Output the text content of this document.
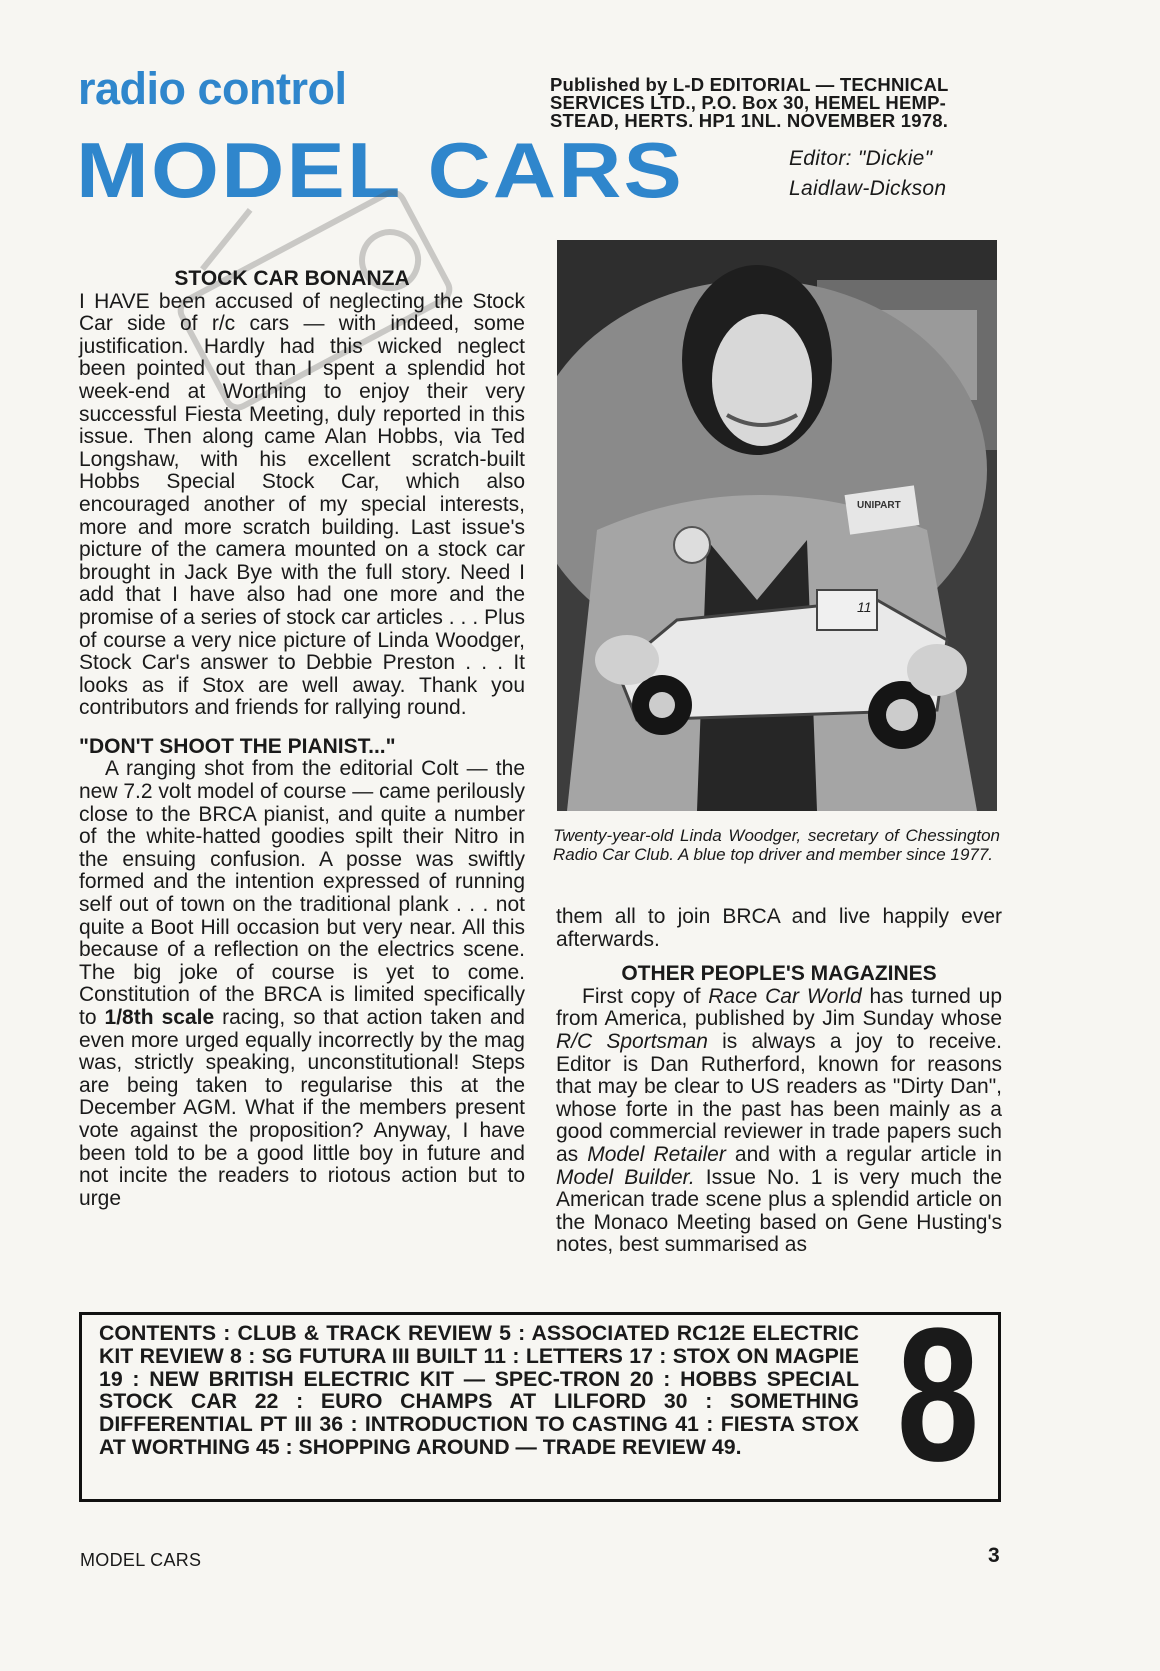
radio control
MODEL CARS
Published by L-D EDITORIAL — TECHNICAL SERVICES LTD., P.O. Box 30, HEMEL HEMP-STEAD, HERTS. HP1 1NL. NOVEMBER 1978.
Editor: "Dickie"
Laidlaw-Dickson
STOCK CAR BONANZA

I HAVE been accused of neglecting the Stock Car side of r/c cars — with indeed, some justification. Hardly had this wicked neglect been pointed out than I spent a splendid hot week-end at Worthing to enjoy their very successful Fiesta Meeting, duly reported in this issue. Then along came Alan Hobbs, via Ted Longshaw, with his excellent scratch-built Hobbs Special Stock Car, which also encouraged another of my special interests, more and more scratch building. Last issue's picture of the camera mounted on a stock car brought in Jack Bye with the full story. Need I add that I have also had one more and the promise of a series of stock car articles . . . Plus of course a very nice picture of Linda Woodger, Stock Car's answer to Debbie Preston . . . It looks as if Stox are well away. Thank you contributors and friends for rallying round.

"DON'T SHOOT THE PIANIST..."

A ranging shot from the editorial Colt — the new 7.2 volt model of course — came perilously close to the BRCA pianist, and quite a number of the white-hatted goodies spilt their Nitro in the ensuing confusion. A posse was swiftly formed and the intention expressed of running self out of town on the traditional plank . . . not quite a Boot Hill occasion but very near. All this because of a reflection on the electrics scene. The big joke of course is yet to come. Constitution of the BRCA is limited specifically to 1/8th scale racing, so that action taken and even more urged equally incorrectly by the mag was, strictly speaking, unconstitutional! Steps are being taken to regularise this at the December AGM. What if the members present vote against the proposition? Anyway, I have been told to be a good little boy in future and not incite the readers to riotous action but to urge

UNIPART
11
Twenty-year-old Linda Woodger, secretary of Chessington Radio Car Club. A blue top driver and member since 1977.

them all to join BRCA and live happily ever afterwards.

OTHER PEOPLE'S MAGAZINES

First copy of Race Car World has turned up from America, published by Jim Sunday whose R/C Sportsman is always a joy to receive. Editor is Dan Rutherford, known for reasons that may be clear to US readers as "Dirty Dan", whose forte in the past has been mainly as a good commercial reviewer in trade papers such as Model Retailer and with a regular article in Model Builder. Issue No. 1 is very much the American trade scene plus a splendid article on the Monaco Meeting based on Gene Husting's notes, best summarised as

CONTENTS : CLUB & TRACK REVIEW 5 : ASSOCIATED RC12E ELECTRIC KIT REVIEW 8 : SG FUTURA III BUILT 11 : LETTERS 17 : STOX ON MAGPIE 19 : NEW BRITISH ELECTRIC KIT — SPEC-TRON 20 : HOBBS SPECIAL STOCK CAR 22 : EURO CHAMPS AT LILFORD 30 : SOMETHING DIFFERENTIAL PT III 36 : INTRODUCTION TO CASTING 41 : FIESTA STOX AT WORTHING 45 : SHOPPING AROUND — TRADE REVIEW 49. 8
MODEL CARS	3
